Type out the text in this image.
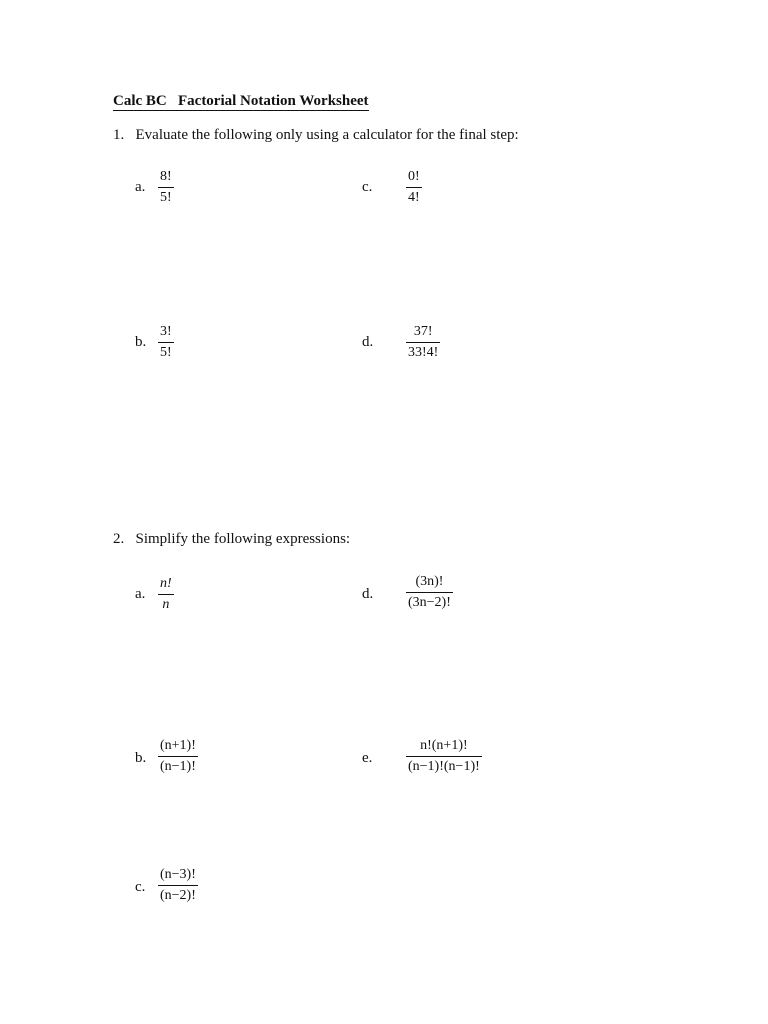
Calc BC   Factorial Notation Worksheet
1.   Evaluate the following only using a calculator for the final step:
a.
8!
5!
c.
0!
4!
b.
3!
5!
d.
37!
33!4!
2.   Simplify the following expressions:
a.
n!
n
d.
(3n)!
(3n−2)!
b.
(n+1)!
(n−1)!
e.
n!(n+1)!
(n−1)!(n−1)!
c.
(n−3)!
(n−2)!
